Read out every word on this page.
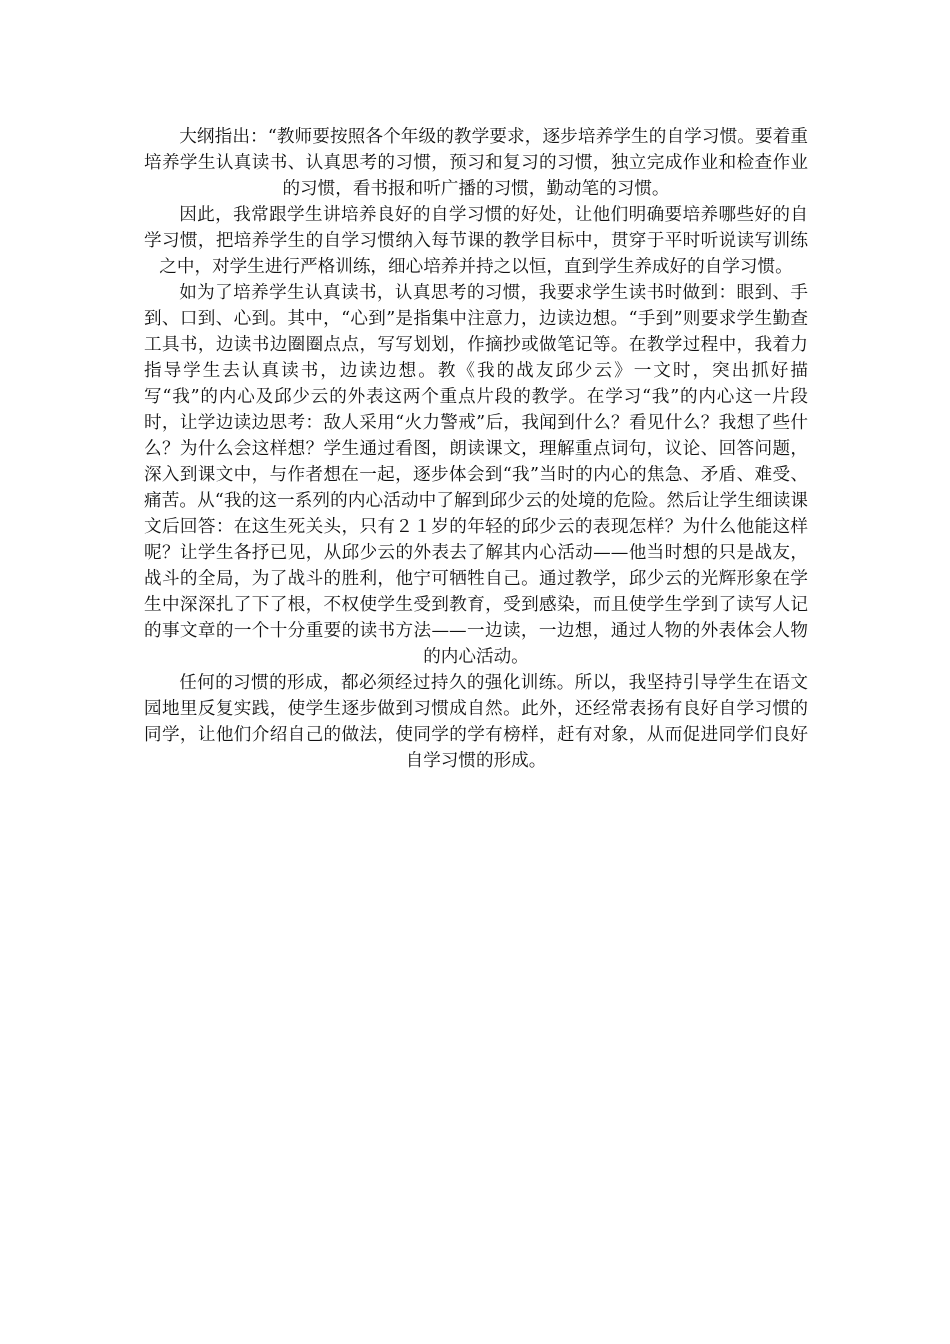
大纲指出：“教师要按照各个年级的教学要求，逐步培养学生的自学习惯。要着重培养学生认真读书、认真思考的习惯，预习和复习的习惯，独立完成作业和检查作业的习惯，看书报和听广播的习惯，勤动笔的习惯。

因此，我常跟学生讲培养良好的自学习惯的好处，让他们明确要培养哪些好的自学习惯，把培养学生的自学习惯纳入每节课的教学目标中，贯穿于平时听说读写训练之中，对学生进行严格训练，细心培养并持之以恒，直到学生养成好的自学习惯。

如为了培养学生认真读书，认真思考的习惯，我要求学生读书时做到：眼到、手到、口到、心到。其中，“心到”是指集中注意力，边读边想。“手到”则要求学生勤查工具书，边读书边圈圈点点，写写划划，作摘抄或做笔记等。在教学过程中，我着力指导学生去认真读书，边读边想。教《我的战友邱少云》一文时，突出抓好描写“我”的内心及邱少云的外表这两个重点片段的教学。在学习“我”的内心这一片段时，让学边读边思考：敌人采用“火力警戒”后，我闻到什么？看见什么？我想了些什么？为什么会这样想？学生通过看图，朗读课文，理解重点词句，议论、回答问题，深入到课文中，与作者想在一起，逐步体会到“我”当时的内心的焦急、矛盾、难受、痛苦。从“我的这一系列的内心活动中了解到邱少云的处境的危险。然后让学生细读课文后回答：在这生死关头，只有２１岁的年轻的邱少云的表现怎样？为什么他能这样呢？让学生各抒已见，从邱少云的外表去了解其内心活动——他当时想的只是战友，战斗的全局，为了战斗的胜利，他宁可牺牲自己。通过教学，邱少云的光辉形象在学生中深深扎了下了根，不权使学生受到教育，受到感染，而且使学生学到了读写人记的事文章的一个十分重要的读书方法——一边读，一边想，通过人物的外表体会人物的内心活动。

任何的习惯的形成，都必须经过持久的强化训练。所以，我坚持引导学生在语文园地里反复实践，使学生逐步做到习惯成自然。此外，还经常表扬有良好自学习惯的同学，让他们介绍自己的做法，使同学的学有榜样，赶有对象，从而促进同学们良好自学习惯的形成。
